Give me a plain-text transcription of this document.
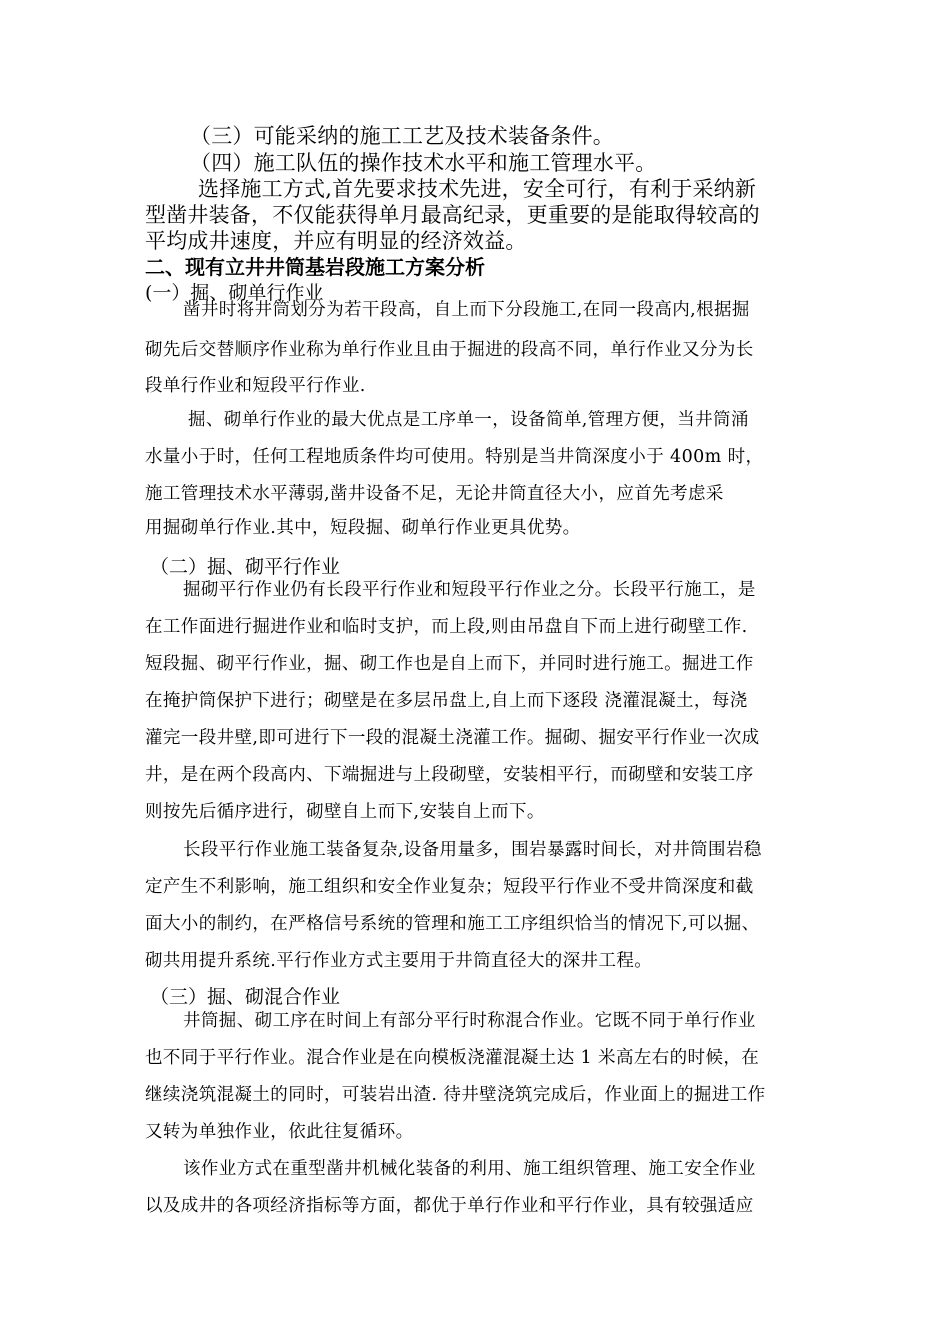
（三）可能采纳的施工工艺及技术装备条件。
（四）施工队伍的操作技术水平和施工管理水平。
选择施工方式,首先要求技术先进，安全可行，有利于采纳新
型凿井装备，不仅能获得单月最高纪录，更重要的是能取得较高的
平均成井速度，并应有明显的经济效益。
二、现有立井井筒基岩段施工方案分析
(一）掘、砌单行作业
凿井时将井筒划分为若干段高，自上而下分段施工,在同一段高内,根据掘
砌先后交替顺序作业称为单行作业且由于掘进的段高不同，单行作业又分为长
段单行作业和短段平行作业.
掘、砌单行作业的最大优点是工序单一，设备简单,管理方便，当井筒涌
水量小于时，任何工程地质条件均可使用。特别是当井筒深度小于 400m 时，
施工管理技术水平薄弱,凿井设备不足，无论井筒直径大小，应首先考虑采
用掘砌单行作业.其中，短段掘、砌单行作业更具优势。
（二）掘、砌平行作业
掘砌平行作业仍有长段平行作业和短段平行作业之分。长段平行施工，是
在工作面进行掘进作业和临时支护，而上段,则由吊盘自下而上进行砌壁工作.
短段掘、砌平行作业，掘、砌工作也是自上而下，并同时进行施工。掘进工作
在掩护筒保护下进行；砌壁是在多层吊盘上,自上而下逐段 浇灌混凝土，每浇
灌完一段井壁,即可进行下一段的混凝土浇灌工作。掘砌、掘安平行作业一次成
井，是在两个段高内、下端掘进与上段砌壁，安装相平行，而砌壁和安装工序
则按先后循序进行，砌壁自上而下,安装自上而下。
长段平行作业施工装备复杂,设备用量多，围岩暴露时间长，对井筒围岩稳
定产生不利影响，施工组织和安全作业复杂；短段平行作业不受井筒深度和截
面大小的制约，在严格信号系统的管理和施工工序组织恰当的情况下,可以掘、
砌共用提升系统.平行作业方式主要用于井筒直径大的深井工程。
（三）掘、砌混合作业
井筒掘、砌工序在时间上有部分平行时称混合作业。它既不同于单行作业
也不同于平行作业。混合作业是在向模板浇灌混凝土达 1 米高左右的时候，在
继续浇筑混凝土的同时，可装岩出渣. 待井壁浇筑完成后，作业面上的掘进工作
又转为单独作业，依此往复循环。
该作业方式在重型凿井机械化装备的利用、施工组织管理、施工安全作业
以及成井的各项经济指标等方面，都优于单行作业和平行作业，具有较强适应
